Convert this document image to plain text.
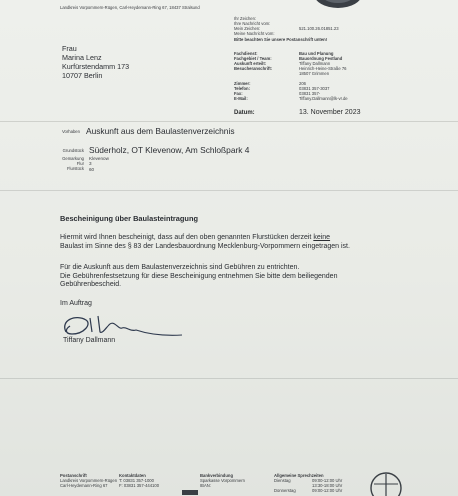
Landkreis Vorpommern-Rügen, Carl-Heydemann-Ring 67, 18437 Stralsund
Ihr Zeichen:
Ihre Nachricht vom:
Mein Zeichen:
Meine Nachricht vom:
521.100.26.01851.23
Bitte beachten Sie unsere Postanschrift unten!
Frau
Marina Lenz
Kurfürstendamm 173
10707 Berlin
Fachdienst:
Fachgebiet / Team:
Auskunft erteilt:
Besucheranschrift:
Zimmer:
Telefon:
Fax:
E-Mail:
Bau und Planung
Bauordnung Festland
Tiffany Dallmann
Heinrich-Heine-Straße 76
18507 Grimmen
206
03831 357-3037
03831 357-
Tiffany.Dallmann@lk-vr.de
Datum:	13. November 2023
Vorhaben Auskunft aus dem Baulastenverzeichnis
Grundstück
Gemarkung
Flur
Flurstück
Süderholz, OT Klevenow, Am Schloßpark 4
Klevenow
3
60
Bescheinigung über Baulasteintragung
Hiermit wird Ihnen bescheinigt, dass auf den oben genannten Flurstücken derzeit keine
Baulast im Sinne des § 83 der Landesbauordnung Mecklenburg-Vorpommern eingetragen ist.
Für die Auskunft aus dem Baulastenverzeichnis sind Gebühren zu entrichten.
Die Gebührenfestsetzung für diese Bescheinigung entnehmen Sie bitte dem beiliegenden
Gebührenbescheid.
Im Auftrag
Tiffany Dallmann
Postanschrift
Landkreis Vorpommern-Rügen
Carl-Heydemann-Ring 67
Kontaktdaten
T: 03831 357-1000
F: 03831 357-444100
Bankverbindung
Sparkasse Vorpommern
IBAN:
Allgemeine Sprechzeiten
Dienstag
Donnerstag
09:00-12:00 Uhr
13:30-18:00 Uhr
09:00-12:00 Uhr
